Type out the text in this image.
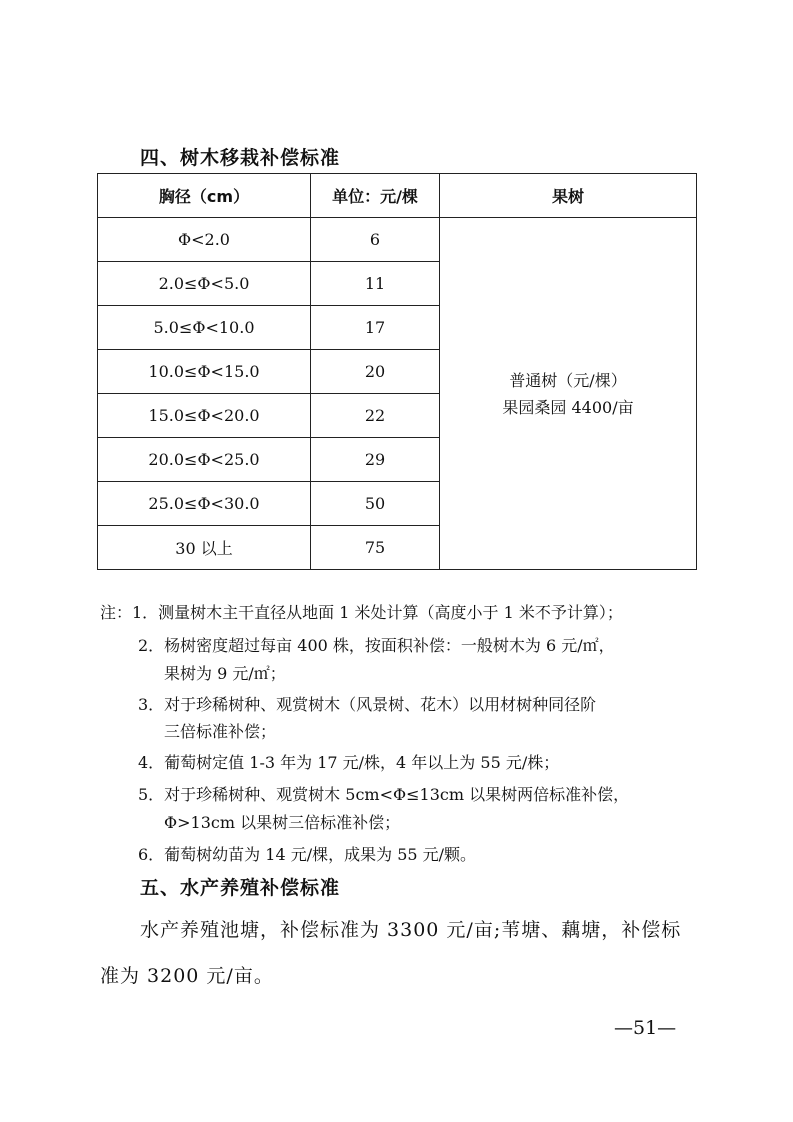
四、树木移栽补偿标准
胸径（cm）	单位：元/棵	果树
Φ<2.0	6	普通树（元/棵）
果园桑园 4400/亩

2.0≤Φ<5.0	11	
5.0≤Φ<10.0	17	
10.0≤Φ<15.0	20	
15.0≤Φ<20.0	22	
20.0≤Φ<25.0	29	
25.0≤Φ<30.0	50	
30 以上	75	
注：1．测量树木主干直径从地面 1 米处计算（高度小于 1 米不予计算）；
2．杨树密度超过每亩 400 株，按面积补偿：一般树木为 6 元/㎡，
果树为 9 元/㎡；
3．对于珍稀树种、观赏树木（风景树、花木）以用材树种同径阶
三倍标准补偿；
4．葡萄树定值 1-3 年为 17 元/株，4 年以上为 55 元/株；
5．对于珍稀树种、观赏树木 5cm<Φ≤13cm 以果树两倍标准补偿，
Φ>13cm 以果树三倍标准补偿；
6．葡萄树幼苗为 14 元/棵，成果为 55 元/颗。
五、水产养殖补偿标准
水产养殖池塘，补偿标准为 3300 元/亩;苇塘、藕塘，补偿标
准为 3200 元/亩。
—51—
